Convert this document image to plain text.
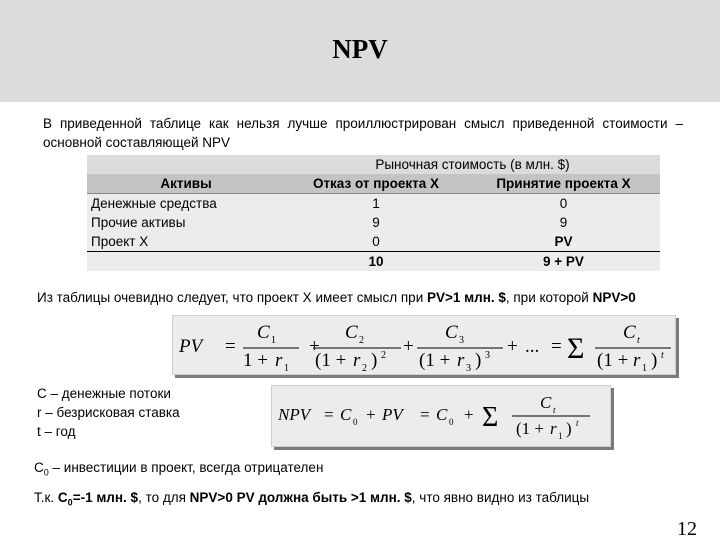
NPV
В приведенной таблице как нельзя лучше проиллюстрирован смысл приведенной стоимости – основной составляющей NPV
	Рыночная стоимость (в млн. $)	
Активы	Отказ от проекта X	Принятие проекта X
Денежные средства	1	0
Прочие активы	9	9
Проект X	0	PV
	10	9 + PV
Из таблицы очевидно следует, что проект X имеет смысл при PV>1 млн. $, при которой NPV>0
PV =
C 1
1 + r 1
+
C 2
(1 + r 2 ) 2 +
C 3
(1 + r 3 ) 3 + ... = Σ C t
(1 + r 1 ) t
C – денежные потоки
r – безрисковая ставка
t – год
NPV = C 0 + PV = C 0 + Σ C t
(1 + r 1 ) t
$C_0$ – инвестиции в проект, всегда отрицателен
Т.к. $C_0=-1$ млн. $, то для NPV>0 PV должна быть >1 млн. $, что явно видно из таблицы
12
